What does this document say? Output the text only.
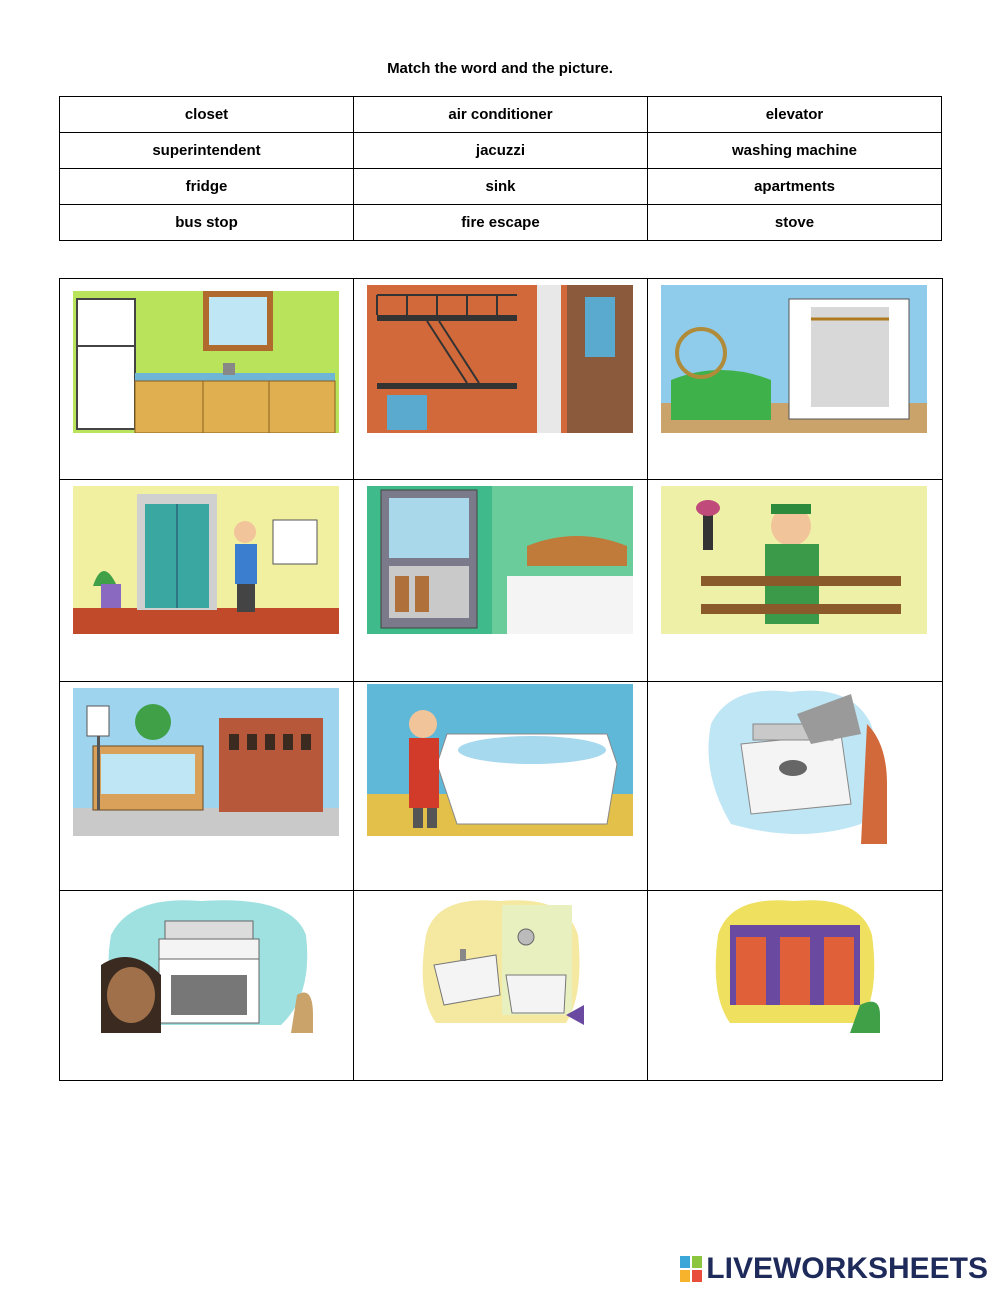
Match the word and the picture.
closet	air conditioner	elevator
superintendent	jacuzzi	washing machine
fridge	sink	apartments
bus stop	fire escape	stove

LIVEWORKSHEETS
